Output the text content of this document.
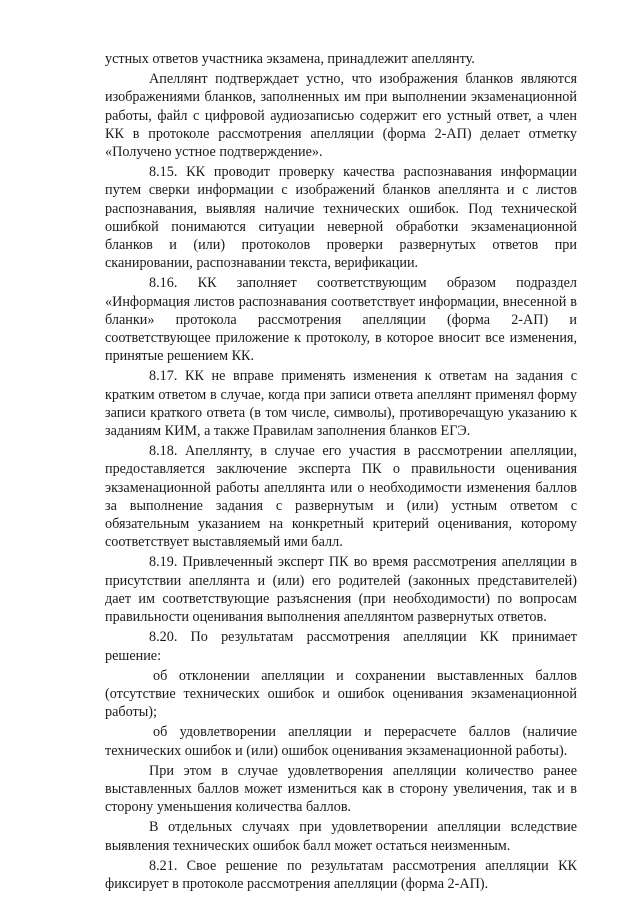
устных ответов участника экзамена, принадлежит апеллянту.

Апеллянт подтверждает устно, что изображения бланков являются изображениями бланков, заполненных им при выполнении экзаменационной работы, файл с цифровой аудиозаписью содержит его устный ответ, а член КК в протоколе рассмотрения апелляции (форма 2-АП) делает отметку «Получено устное подтверждение».

8.15. КК проводит проверку качества распознавания информации путем сверки информации с изображений бланков апеллянта и с листов распознавания, выявляя наличие технических ошибок. Под технической ошибкой понимаются ситуации неверной обработки экзаменационной бланков и (или) протоколов проверки развернутых ответов при сканировании, распознавании текста, верификации.

8.16. КК заполняет соответствующим образом подраздел «Информация листов распознавания соответствует информации, внесенной в бланки» протокола рассмотрения апелляции (форма 2-АП) и соответствующее приложение к протоколу, в которое вносит все изменения, принятые решением КК.

8.17. КК не вправе применять изменения к ответам на задания с кратким ответом в случае, когда при записи ответа апеллянт применял форму записи краткого ответа (в том числе, символы), противоречащую указанию к заданиям КИМ, а также Правилам заполнения бланков ЕГЭ.

8.18. Апеллянту, в случае его участия в рассмотрении апелляции, предоставляется заключение эксперта ПК о правильности оценивания экзаменационной работы апеллянта или о необходимости изменения баллов за выполнение задания с развернутым и (или) устным ответом с обязательным указанием на конкретный критерий оценивания, которому соответствует выставляемый ими балл.

8.19. Привлеченный эксперт ПК во время рассмотрения апелляции в присутствии апеллянта и (или) его родителей (законных представителей) дает им соответствующие разъяснения (при необходимости) по вопросам правильности оценивания выполнения апеллянтом развернутых ответов.

8.20. По результатам рассмотрения апелляции КК принимает решение:

об отклонении апелляции и сохранении выставленных баллов (отсутствие технических ошибок и ошибок оценивания экзаменационной работы);

об удовлетворении апелляции и перерасчете баллов (наличие технических ошибок и (или) ошибок оценивания экзаменационной работы).

При этом в случае удовлетворения апелляции количество ранее выставленных баллов может измениться как в сторону увеличения, так и в сторону уменьшения количества баллов.

В отдельных случаях при удовлетворении апелляции вследствие выявления технических ошибок балл может остаться неизменным.

8.21. Свое решение по результатам рассмотрения апелляции КК фиксирует в протоколе рассмотрения апелляции (форма 2-АП).
